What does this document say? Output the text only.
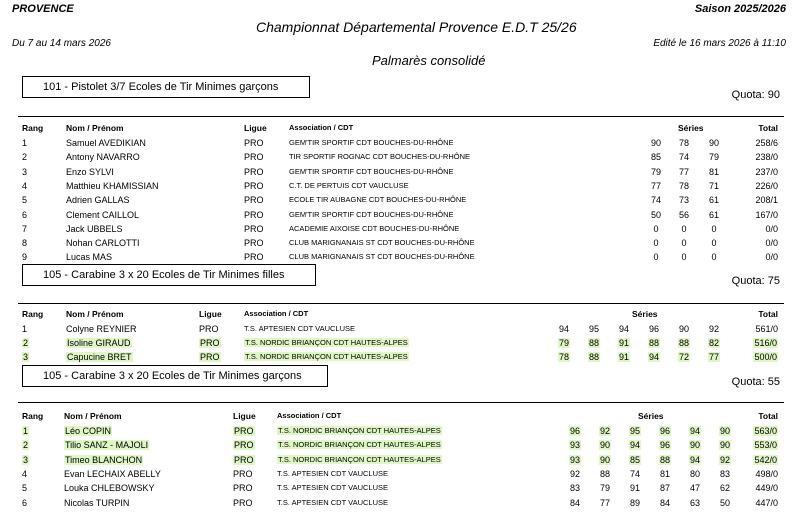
PROVENCE	Saison 2025/2026
Championnat Départemental Provence E.D.T 25/26
Du 7 au 14 mars 2026	Edité le 16 mars 2026 à 11:10
Palmarès consolidé
101 - Pistolet 3/7 Ecoles de Tir Minimes garçons
Quota: 90
Rang	Nom / Prénom	Ligue	Association / CDT	Séries	Total
1	Samuel AVEDIKIAN	PRO	GEM'TIR SPORTIF CDT BOUCHES-DU-RHÔNE	90	78	90	258/6
2	Antony NAVARRO	PRO	TIR SPORTIF ROGNAC CDT BOUCHES-DU-RHÔNE	85	74	79	238/0
3	Enzo SYLVI	PRO	GEM'TIR SPORTIF CDT BOUCHES-DU-RHÔNE	79	77	81	237/0
4	Matthieu KHAMISSIAN	PRO	C.T. DE PERTUIS CDT VAUCLUSE	77	78	71	226/0
5	Adrien GALLAS	PRO	ECOLE TIR AUBAGNE CDT BOUCHES-DU-RHÔNE	74	73	61	208/1
6	Clement CAILLOL	PRO	GEM'TIR SPORTIF CDT BOUCHES-DU-RHÔNE	50	56	61	167/0
7	Jack UBBELS	PRO	ACADEMIE AIXOISE CDT BOUCHES-DU-RHÔNE	0	0	0	0/0
8	Nohan CARLOTTI	PRO	CLUB MARIGNANAIS ST CDT BOUCHES-DU-RHÔNE	0	0	0	0/0
9	Lucas MAS	PRO	CLUB MARIGNANAIS ST CDT BOUCHES-DU-RHÔNE	0	0	0	0/0
105 - Carabine 3 x 20 Ecoles de Tir Minimes filles	Quota: 75
Rang	Nom / Prénom	Ligue	Association / CDT	Séries	Total
1	Colyne REYNIER	PRO	T.S. APTESIEN CDT VAUCLUSE	94	95	94	96	90	92	561/0
2	Isoline GIRAUD	PRO	T.S. NORDIC BRIANÇON CDT HAUTES-ALPES	79	88	91	88	88	82	516/0
3	Capucine BRET	PRO	T.S. NORDIC BRIANÇON CDT HAUTES-ALPES	78	88	91	94	72	77	500/0
105 - Carabine 3 x 20 Ecoles de Tir Minimes garçons	Quota: 55
Rang Nom / Prénom	Ligue	Association / CDT	Séries	Total
1	Léo COPIN	PRO	T.S. NORDIC BRIANÇON CDT HAUTES-ALPES	96	92	95	96	94	90	563/0
2	Tilio SANZ - MAJOLI	PRO	T.S. NORDIC BRIANÇON CDT HAUTES-ALPES	93	90	94	96	90	90	553/0
3	Timeo BLANCHON	PRO	T.S. NORDIC BRIANÇON CDT HAUTES-ALPES	93	90	85	88	94	92	542/0
4	Evan LECHAIX ABELLY	PRO	T.S. APTESIEN CDT VAUCLUSE	92	88	74	81	80	83	498/0
5	Louka CHLEBOWSKY	PRO	T.S. APTESIEN CDT VAUCLUSE	83	79	91	87	47	62	449/0
6	Nicolas TURPIN	PRO	T.S. APTESIEN CDT VAUCLUSE	84	77	89	84	63	50	447/0
